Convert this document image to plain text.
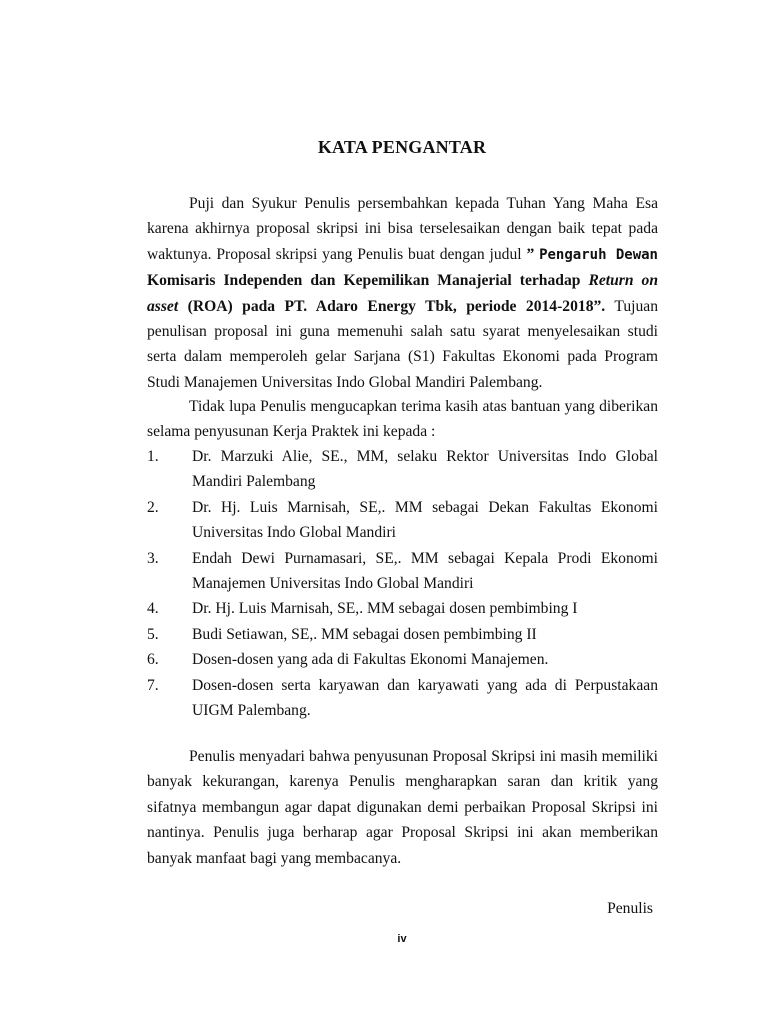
KATA PENGANTAR

Puji dan Syukur Penulis persembahkan kepada Tuhan Yang Maha Esa karena akhirnya proposal skripsi ini bisa terselesaikan dengan baik tepat pada waktunya. Proposal skripsi yang Penulis buat dengan judul ” Pengaruh Dewan Komisaris Independen dan Kepemilikan Manajerial terhadap Return on asset (ROA) pada PT. Adaro Energy Tbk, periode 2014-2018”. Tujuan penulisan proposal ini guna memenuhi salah satu syarat menyelesaikan studi serta dalam memperoleh gelar Sarjana (S1) Fakultas Ekonomi pada Program Studi Manajemen Universitas Indo Global Mandiri Palembang.

Tidak lupa Penulis mengucapkan terima kasih atas bantuan yang diberikan selama penyusunan Kerja Praktek ini kepada :

1. Dr. Marzuki Alie, SE., MM, selaku Rektor Universitas Indo Global Mandiri Palembang
2. Dr. Hj. Luis Marnisah, SE,. MM sebagai Dekan Fakultas Ekonomi Universitas Indo Global Mandiri
3. Endah Dewi Purnamasari, SE,. MM sebagai Kepala Prodi Ekonomi Manajemen Universitas Indo Global Mandiri
4. Dr. Hj. Luis Marnisah, SE,. MM sebagai dosen pembimbing I
5. Budi Setiawan, SE,. MM sebagai dosen pembimbing II
6. Dosen-dosen yang ada di Fakultas Ekonomi Manajemen.
7. Dosen-dosen serta karyawan dan karyawati yang ada di Perpustakaan UIGM Palembang.

Penulis menyadari bahwa penyusunan Proposal Skripsi ini masih memiliki banyak kekurangan, karenya Penulis mengharapkan saran dan kritik yang sifatnya membangun agar dapat digunakan demi perbaikan Proposal Skripsi ini nantinya. Penulis juga berharap agar Proposal Skripsi ini akan memberikan banyak manfaat bagi yang membacanya.

Penulis
iv
